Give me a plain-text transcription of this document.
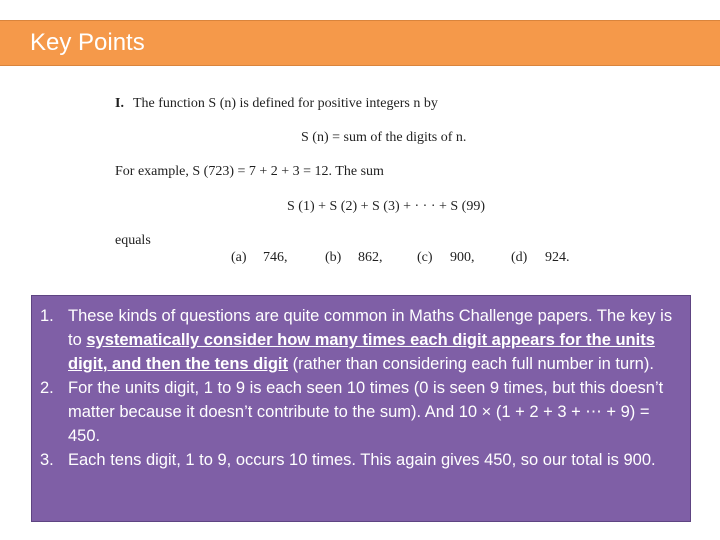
Key Points
I. The function S (n) is defined for positive integers n by
S (n) = sum of the digits of n.
For example, S (723) = 7 + 2 + 3 = 12. The sum
S (1) + S (2) + S (3) + · · · + S (99)
equals
(a) 746,	(b) 862, (c) 900,	(d) 924.
1. These kinds of questions are quite common in Maths Challenge papers. The key is to systematically consider how many times each digit appears for the units digit, and then the tens digit (rather than considering each full number in turn).
2. For the units digit, 1 to 9 is each seen 10 times (0 is seen 9 times, but this doesn’t matter because it doesn’t contribute to the sum). And 10 × (1 + 2 + 3 + ⋯ + 9) = 450.
3. Each tens digit, 1 to 9, occurs 10 times. This again gives 450, so our total is 900.
